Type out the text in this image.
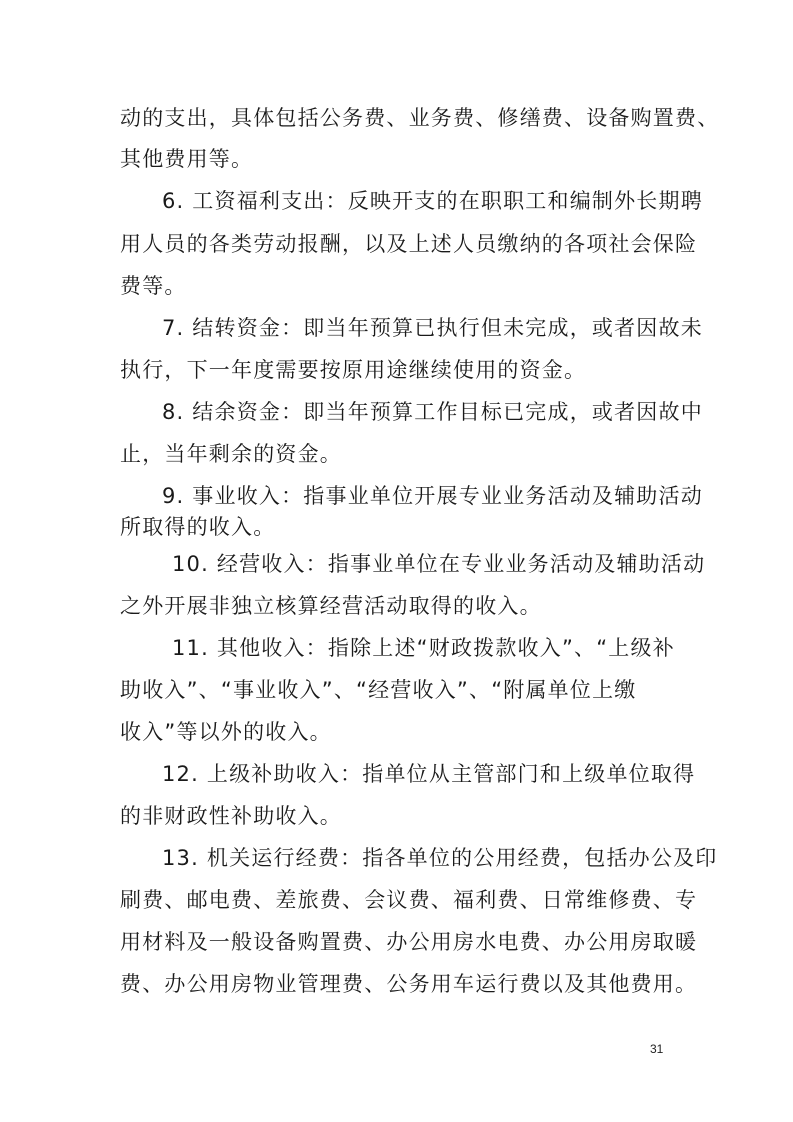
动的支出，具体包括公务费、业务费、修缮费、设备购置费、
其他费用等。
6. 工资福利支出：反映开支的在职职工和编制外长期聘
用人员的各类劳动报酬，以及上述人员缴纳的各项社会保险
费等。
7. 结转资金：即当年预算已执行但未完成，或者因故未
执行，下一年度需要按原用途继续使用的资金。
8. 结余资金：即当年预算工作目标已完成，或者因故中
止，当年剩余的资金。
9. 事业收入：指事业单位开展专业业务活动及辅助活动
所取得的收入。
10. 经营收入：指事业单位在专业业务活动及辅助活动
之外开展非独立核算经营活动取得的收入。
11. 其他收入：指除上述“财政拨款收入”、“上级补
助收入”、“事业收入”、“经营收入”、“附属单位上缴
收入”等以外的收入。
12. 上级补助收入：指单位从主管部门和上级单位取得
的非财政性补助收入。
13. 机关运行经费：指各单位的公用经费，包括办公及印
刷费、邮电费、差旅费、会议费、福利费、日常维修费、专
用材料及一般设备购置费、办公用房水电费、办公用房取暖
费、办公用房物业管理费、公务用车运行费以及其他费用。
31
